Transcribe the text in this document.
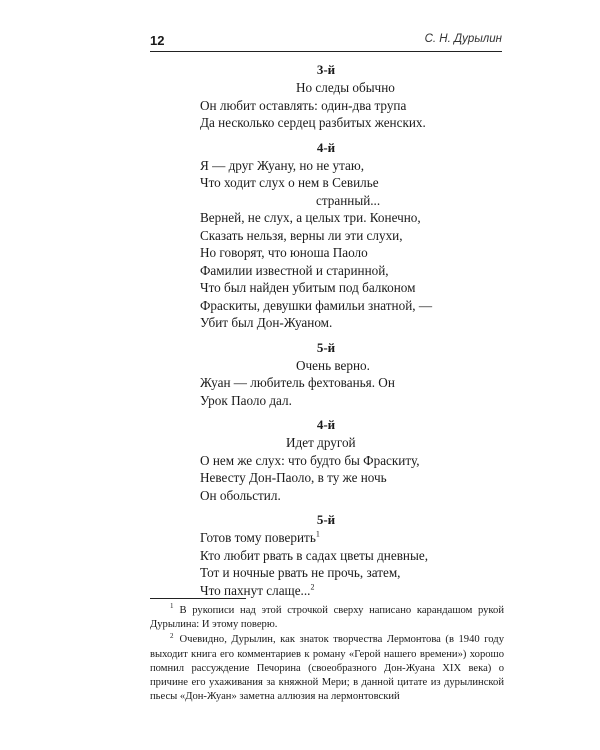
12	С. Н. Дурылин
3-й
Но следы обычно
Он любит оставлять: один-два трупа
Да несколько сердец разбитых женских.
4-й
Я — друг Жуану, но не утаю,
Что ходит слух о нем в Севилье
странный...
Верней, не слух, а целых три. Конечно,
Сказать нельзя, верны ли эти слухи,
Но говорят, что юноша Паоло
Фамилии известной и старинной,
Что был найден убитым под балконом
Фраскиты, девушки фамильи знатной, —
Убит был Дон-Жуаном.
5-й
Очень верно.
Жуан — любитель фехтованья. Он
Урок Паоло дал.
4-й
Идет другой
О нем же слух: что будто бы Фраскиту,
Невесту Дон-Паоло, в ту же ночь
Он обольстил.
5-й
Готов тому поверить$^1$
Кто любит рвать в садах цветы дневные,
Тот и ночные рвать не прочь, затем,
Что пахнут слаще...$^2$
$^1$ В рукописи над этой строчкой сверху написано карандашом рукой Дурылина: И этому поверю.
$^2$ Очевидно, Дурылин, как знаток творчества Лермонтова (в 1940 году выходит книга его комментариев к роману «Герой нашего времени») хорошо помнил рассуждение Печорина (своеобразного Дон-Жуана XIX века) о причине его ухаживания за княжной Мери; в данной цитате из дурылинской пьесы «Дон-Жуан» заметна аллюзия на лермонтовский
